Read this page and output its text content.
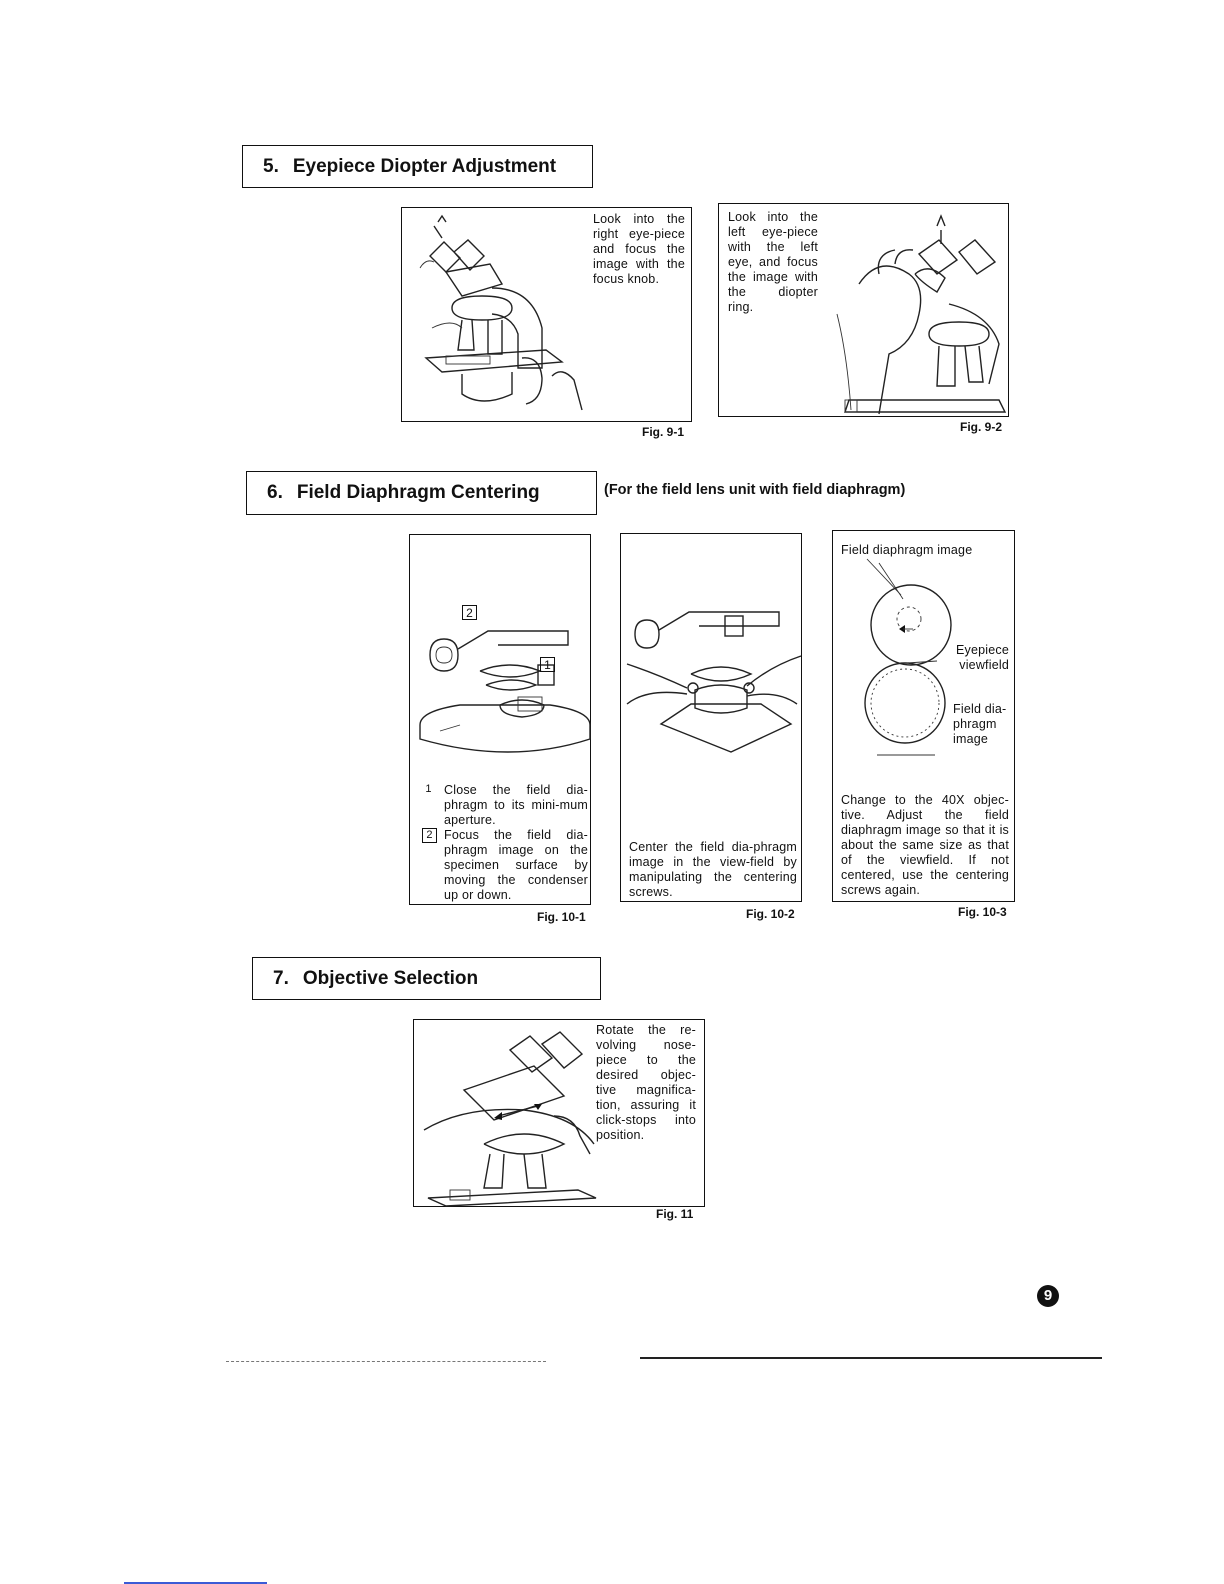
5. Eyepiece Diopter Adjustment
Look into the right eye-piece and focus the image with the focus knob.
Fig. 9-1
Look into the left eye-piece with the left eye, and focus the image with the diopter ring.
Fig. 9-2
6. Field Diaphragm Centering	(For the field lens unit with field diaphragm)
2
1
1 Close the field dia-phragm to its mini-mum aperture.
2 Focus the field dia-phragm image on the specimen surface by moving the condenser up or down.
Fig. 10-1
Center the field dia-phragm image in the view-field by manipulating the centering screws.
Fig. 10-2
Field diaphragm image
Eyepiece viewfield
Field dia-phragm image
Change to the 40X objec-tive. Adjust the field diaphragm image so that it is about the same size as that of the viewfield. If not centered, use the centering screws again.
Fig. 10-3
7. Objective Selection
Rotate the re-volving nose-piece to the desired objec-tive magnifica-tion, assuring it click-stops into position.
Fig. 11
9
